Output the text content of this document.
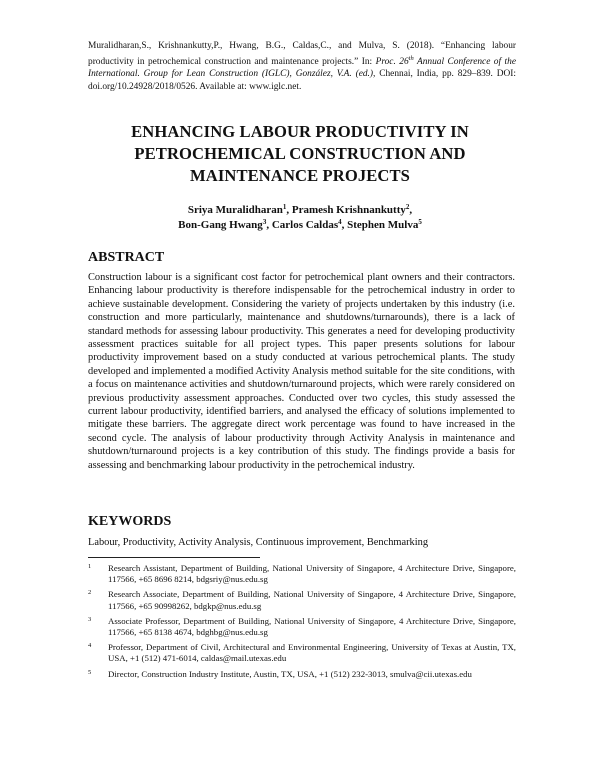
Muralidharan,S., Krishnankutty,P., Hwang, B.G., Caldas,C., and Mulva, S. (2018). “Enhancing labour productivity in petrochemical construction and maintenance projects.” In: Proc. 26th Annual Conference of the International. Group for Lean Construction (IGLC), González, V.A. (ed.), Chennai, India, pp. 829–839. DOI: doi.org/10.24928/2018/0526. Available at: www.iglc.net.
ENHANCING LABOUR PRODUCTIVITY IN
PETROCHEMICAL CONSTRUCTION AND
MAINTENANCE PROJECTS
Sriya Muralidharan$^1$, Pramesh Krishnankutty$^2$,
Bon-Gang Hwang$^3$, Carlos Caldas$^4$, Stephen Mulva$^5$
ABSTRACT
Construction labour is a significant cost factor for petrochemical plant owners and their contractors. Enhancing labour productivity is therefore indispensable for the petrochemical industry in order to achieve sustainable development. Considering the variety of projects undertaken by this industry (i.e. construction and more particularly, maintenance and shutdowns/turnarounds), there is a lack of standard methods for assessing labour productivity. This generates a need for developing productivity assessment practices suitable for all project types. This paper presents solutions for labour productivity improvement based on a study conducted at various petrochemical plants. The study developed and implemented a modified Activity Analysis method suitable for the site conditions, with a focus on maintenance activities and shutdown/turnaround projects, which were rarely considered on previous productivity assessment approaches. Conducted over two cycles, this study assessed the current labour productivity, identified barriers, and analysed the efficacy of solutions implemented to mitigate these barriers. The aggregate direct work percentage was found to have increased in the second cycle. The analysis of labour productivity through Activity Analysis in maintenance and shutdown/turnaround projects is a key contribution of this study. The findings provide a basis for assessing and benchmarking labour productivity in the petrochemical industry.
KEYWORDS
Labour, Productivity, Activity Analysis, Continuous improvement, Benchmarking
1 Research Assistant, Department of Building, National University of Singapore, 4 Architecture Drive, Singapore, 117566, +65 8696 8214, bdgsriy@nus.edu.sg
2 Research Associate, Department of Building, National University of Singapore, 4 Architecture Drive, Singapore, 117566, +65 90998262, bdgkp@nus.edu.sg
3 Associate Professor, Department of Building, National University of Singapore, 4 Architecture Drive, Singapore, 117566, +65 8138 4674, bdghbg@nus.edu.sg
4 Professor, Department of Civil, Architectural and Environmental Engineering, University of Texas at Austin, TX, USA, +1 (512) 471-6014, caldas@mail.utexas.edu
5 Director, Construction Industry Institute, Austin, TX, USA, +1 (512) 232-3013, smulva@cii.utexas.edu
